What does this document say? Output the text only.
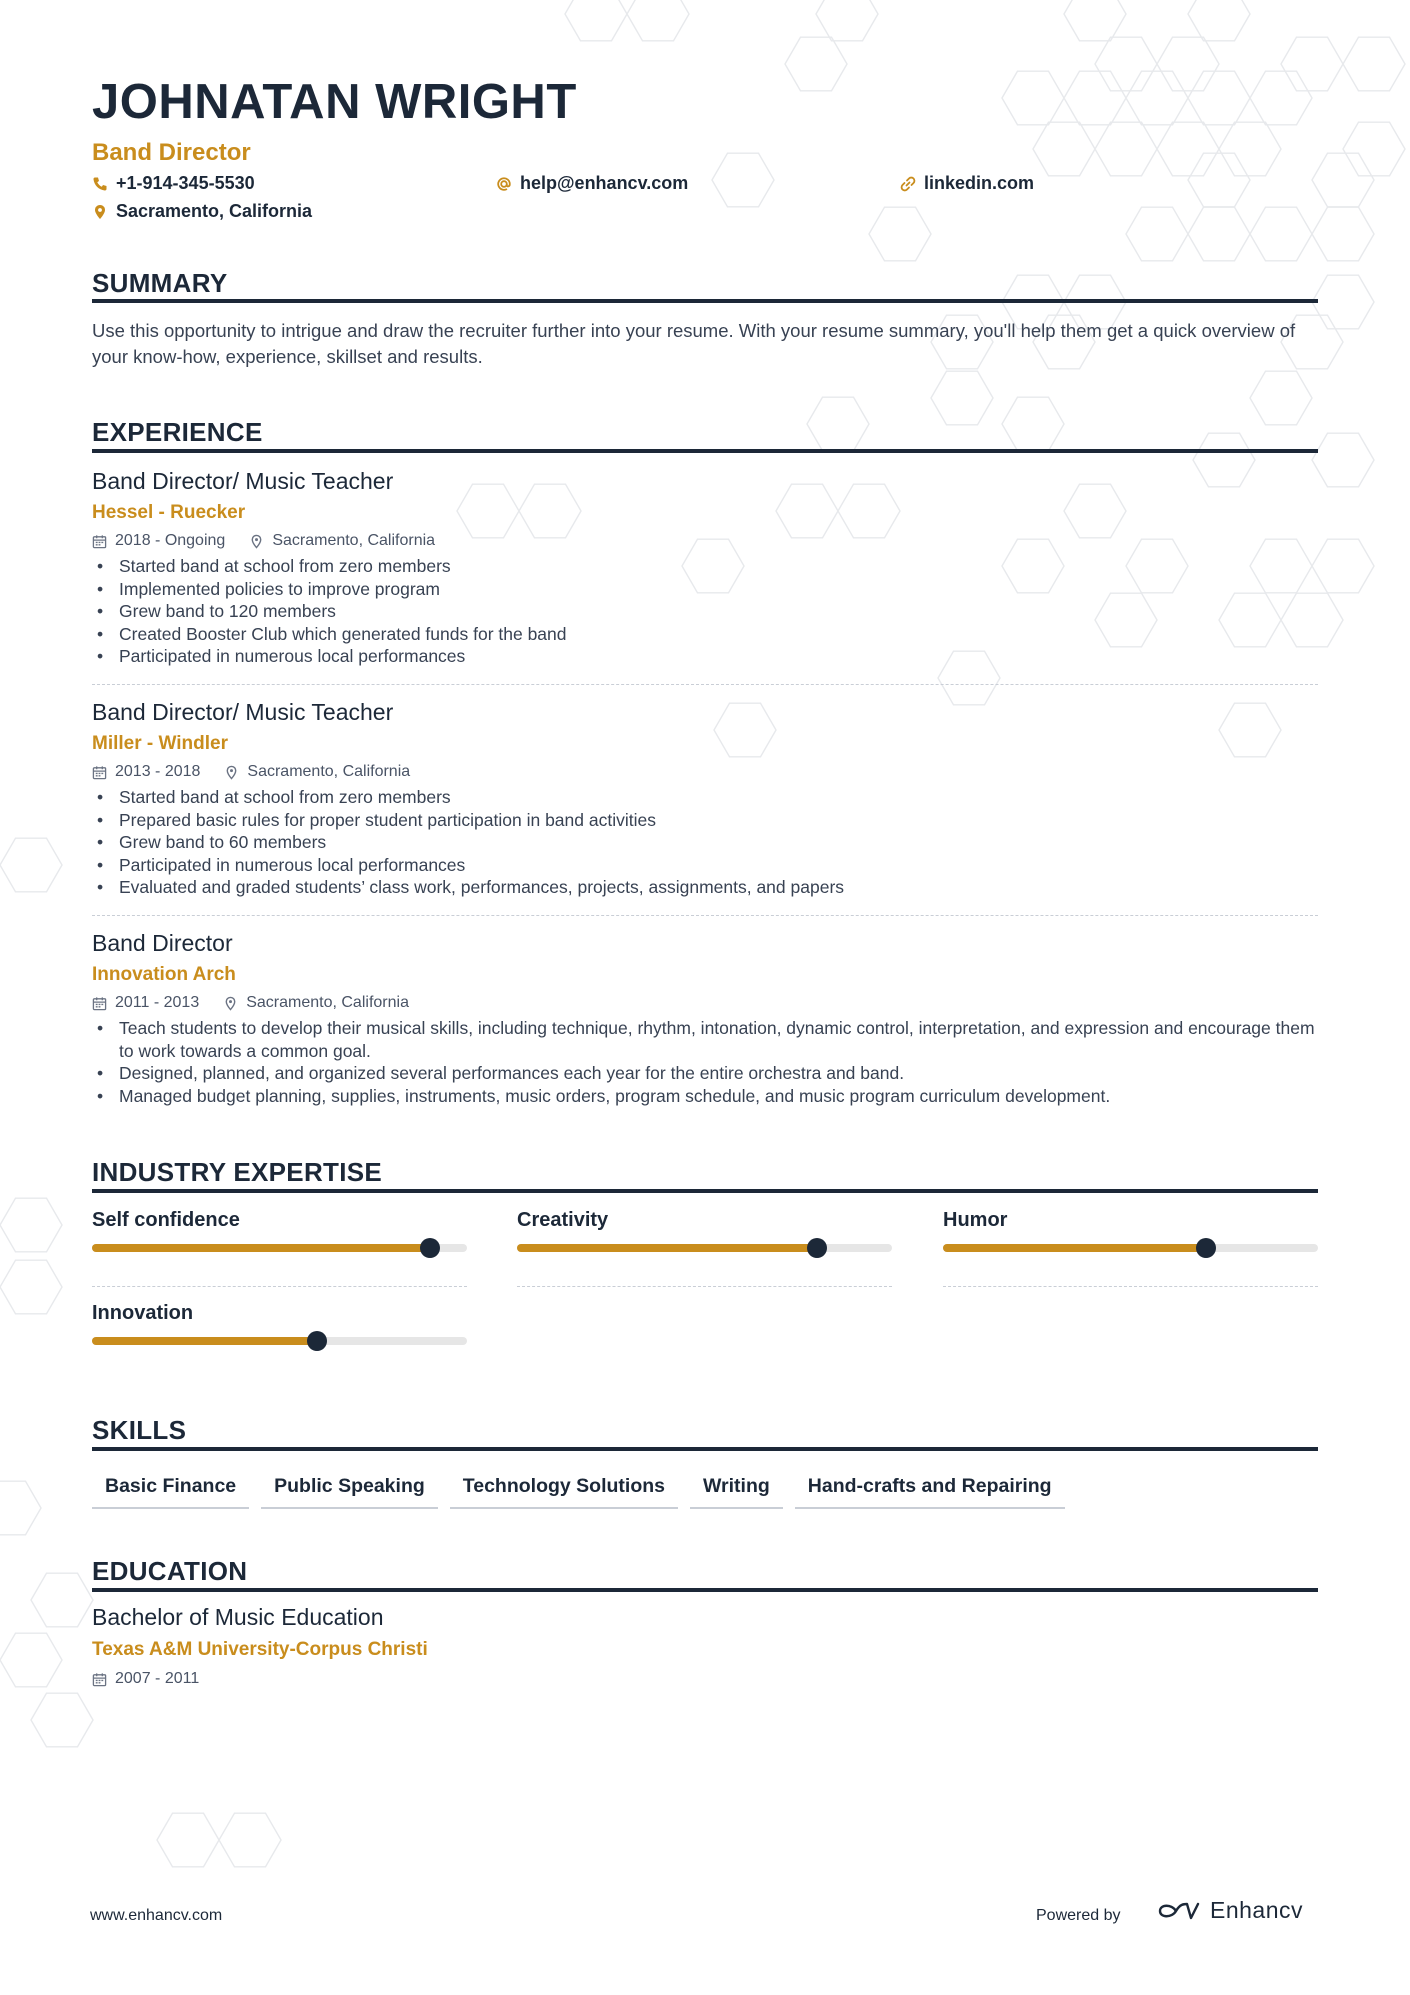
JOHNATAN WRIGHT
Band Director
+1-914-345-5530	help@enhancv.com	linkedin.com
Sacramento, California
SUMMARY
Use this opportunity to intrigue and draw the recruiter further into your resume. With your resume summary, you'll help them get a quick overview of your know-how, experience, skillset and results.
EXPERIENCE
Band Director/ Music Teacher
Hessel - Ruecker
2018 - Ongoing	Sacramento, California
• Started band at school from zero members
• Implemented policies to improve program
• Grew band to 120 members
• Created Booster Club which generated funds for the band
• Participated in numerous local performances
Band Director/ Music Teacher
Miller - Windler
2013 - 2018	Sacramento, California
• Started band at school from zero members
• Prepared basic rules for proper student participation in band activities
• Grew band to 60 members
• Participated in numerous local performances
• Evaluated and graded students’ class work, performances, projects, assignments, and papers
Band Director
Innovation Arch
2011 - 2013	Sacramento, California
• Teach students to develop their musical skills, including technique, rhythm, intonation, dynamic control, interpretation, and expression and encourage them to work towards a common goal.
• Designed, planned, and organized several performances each year for the entire orchestra and band.
• Managed budget planning, supplies, instruments, music orders, program schedule, and music program curriculum development.
INDUSTRY EXPERTISE
Self confidence	Creativity	Humor
Innovation
SKILLS
Basic Finance	Public Speaking	Technology Solutions	Writing	Hand-crafts and Repairing
EDUCATION
Bachelor of Music Education
Texas A&M University-Corpus Christi
2007 - 2011
www.enhancv.com	Powered by	Enhancv
